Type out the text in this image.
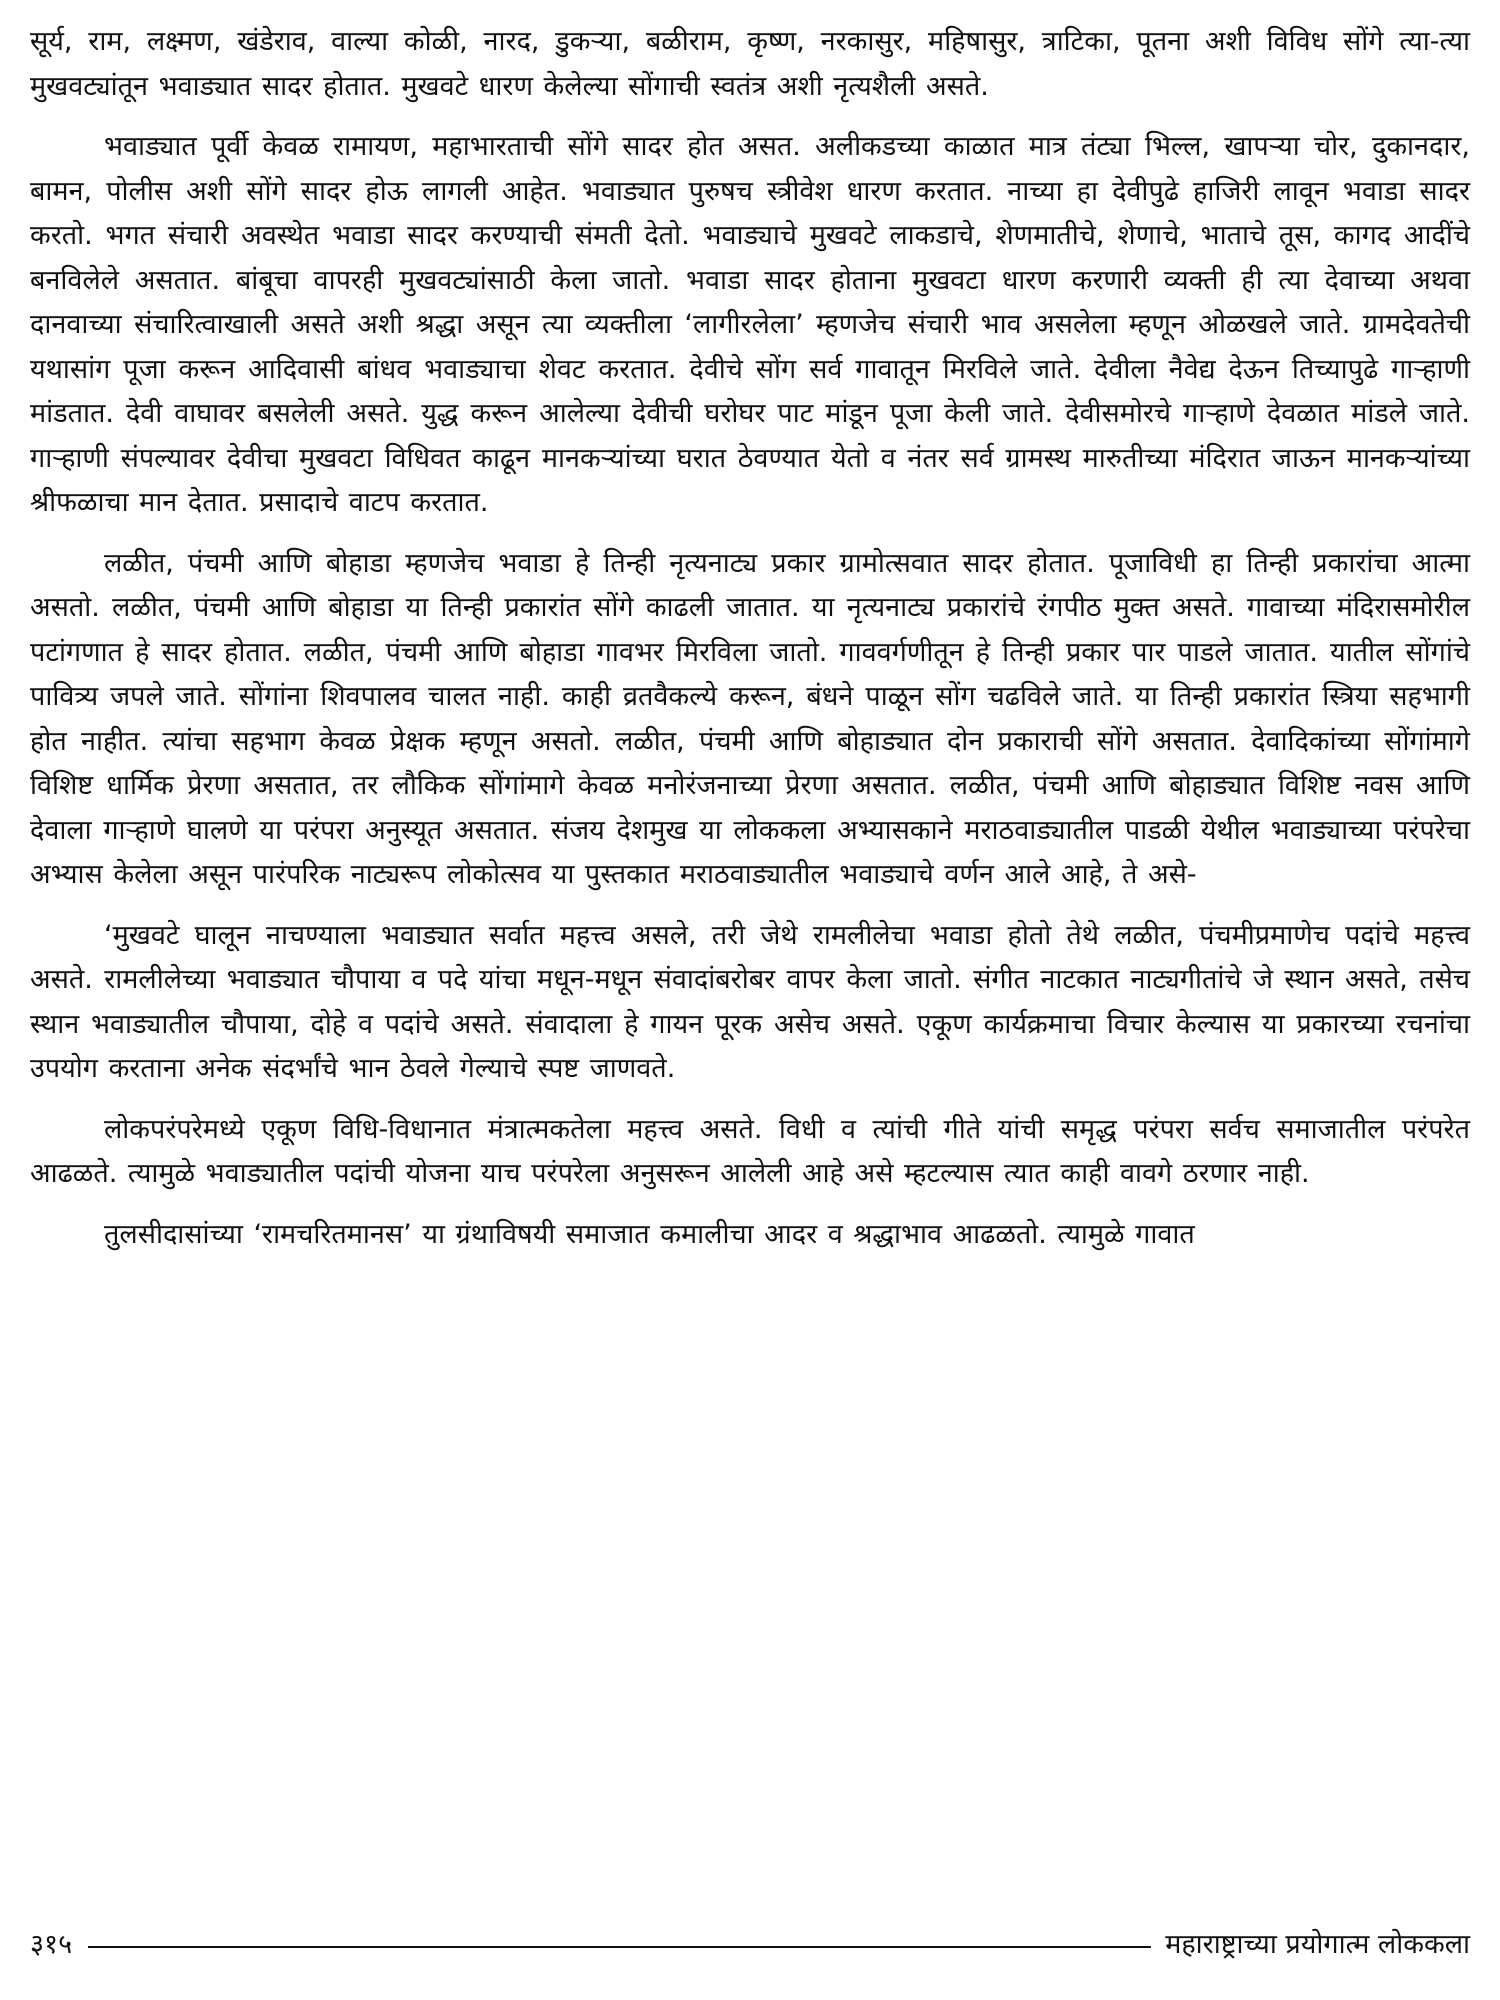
सूर्य, राम, लक्ष्मण, खंडेराव, वाल्या कोळी, नारद, डुकऱ्या, बळीराम, कृष्ण, नरकासुर, महिषासुर, त्राटिका, पूतना अशी विविध सोंगे त्या-त्या मुखवट्यांतून भवाड्यात सादर होतात. मुखवटे धारण केलेल्या सोंगाची स्वतंत्र अशी नृत्यशैली असते.

भवाड्यात पूर्वी केवळ रामायण, महाभारताची सोंगे सादर होत असत. अलीकडच्या काळात मात्र तंट्या भिल्ल, खापऱ्या चोर, दुकानदार, बामन, पोलीस अशी सोंगे सादर होऊ लागली आहेत. भवाड्यात पुरुषच स्त्रीवेश धारण करतात. नाच्या हा देवीपुढे हाजिरी लावून भवाडा सादर करतो. भगत संचारी अवस्थेत भवाडा सादर करण्याची संमती देतो. भवाड्याचे मुखवटे लाकडाचे, शेणमातीचे, शेणाचे, भाताचे तूस, कागद आदींचे बनविलेले असतात. बांबूचा वापरही मुखवट्यांसाठी केला जातो. भवाडा सादर होताना मुखवटा धारण करणारी व्यक्ती ही त्या देवाच्या अथवा दानवाच्या संचारित्वाखाली असते अशी श्रद्धा असून त्या व्यक्तीला ‘लागीरलेला’ म्हणजेच संचारी भाव असलेला म्हणून ओळखले जाते. ग्रामदेवतेची यथासांग पूजा करून आदिवासी बांधव भवाड्याचा शेवट करतात. देवीचे सोंग सर्व गावातून मिरविले जाते. देवीला नैवेद्य देऊन तिच्यापुढे गाऱ्हाणी मांडतात. देवी वाघावर बसलेली असते. युद्ध करून आलेल्या देवीची घरोघर पाट मांडून पूजा केली जाते. देवीसमोरचे गाऱ्हाणे देवळात मांडले जाते. गाऱ्हाणी संपल्यावर देवीचा मुखवटा विधिवत काढून मानकऱ्यांच्या घरात ठेवण्यात येतो व नंतर सर्व ग्रामस्थ मारुतीच्या मंदिरात जाऊन मानकऱ्यांच्या श्रीफळाचा मान देतात. प्रसादाचे वाटप करतात.

लळीत, पंचमी आणि बोहाडा म्हणजेच भवाडा हे तिन्ही नृत्यनाट्य प्रकार ग्रामोत्सवात सादर होतात. पूजाविधी हा तिन्ही प्रकारांचा आत्मा असतो. लळीत, पंचमी आणि बोहाडा या तिन्ही प्रकारांत सोंगे काढली जातात. या नृत्यनाट्य प्रकारांचे रंगपीठ मुक्त असते. गावाच्या मंदिरासमोरील पटांगणात हे सादर होतात. लळीत, पंचमी आणि बोहाडा गावभर मिरविला जातो. गाववर्गणीतून हे तिन्ही प्रकार पार पाडले जातात. यातील सोंगांचे पावित्र्य जपले जाते. सोंगांना शिवपालव चालत नाही. काही व्रतवैकल्ये करून, बंधने पाळून सोंग चढविले जाते. या तिन्ही प्रकारांत स्त्रिया सहभागी होत नाहीत. त्यांचा सहभाग केवळ प्रेक्षक म्हणून असतो. लळीत, पंचमी आणि बोहाड्यात दोन प्रकाराची सोंगे असतात. देवादिकांच्या सोंगांमागे विशिष्ट धार्मिक प्रेरणा असतात, तर लौकिक सोंगांमागे केवळ मनोरंजनाच्या प्रेरणा असतात. लळीत, पंचमी आणि बोहाड्यात विशिष्ट नवस आणि देवाला गाऱ्हाणे घालणे या परंपरा अनुस्यूत असतात. संजय देशमुख या लोककला अभ्यासकाने मराठवाड्यातील पाडळी येथील भवाड्याच्या परंपरेचा अभ्यास केलेला असून पारंपरिक नाट्यरूप लोकोत्सव या पुस्तकात मराठवाड्यातील भवाड्याचे वर्णन आले आहे, ते असे-

‘मुखवटे घालून नाचण्याला भवाड्यात सर्वात महत्त्व असले, तरी जेथे रामलीलेचा भवाडा होतो तेथे लळीत, पंचमीप्रमाणेच पदांचे महत्त्व असते. रामलीलेच्या भवाड्यात चौपाया व पदे यांचा मधून-मधून संवादांबरोबर वापर केला जातो. संगीत नाटकात नाट्यगीतांचे जे स्थान असते, तसेच स्थान भवाड्यातील चौपाया, दोहे व पदांचे असते. संवादाला हे गायन पूरक असेच असते. एकूण कार्यक्रमाचा विचार केल्यास या प्रकारच्या रचनांचा उपयोग करताना अनेक संदर्भांचे भान ठेवले गेल्याचे स्पष्ट जाणवते.

लोकपरंपरेमध्ये एकूण विधि-विधानात मंत्रात्मकतेला महत्त्व असते. विधी व त्यांची गीते यांची समृद्ध परंपरा सर्वच समाजातील परंपरेत आढळते. त्यामुळे भवाड्यातील पदांची योजना याच परंपरेला अनुसरून आलेली आहे असे म्हटल्यास त्यात काही वावगे ठरणार नाही.

तुलसीदासांच्या ‘रामचरितमानस’ या ग्रंथाविषयी समाजात कमालीचा आदर व श्रद्धाभाव आढळतो. त्यामुळे गावात

३१५	महाराष्ट्राच्या प्रयोगात्म लोककला
